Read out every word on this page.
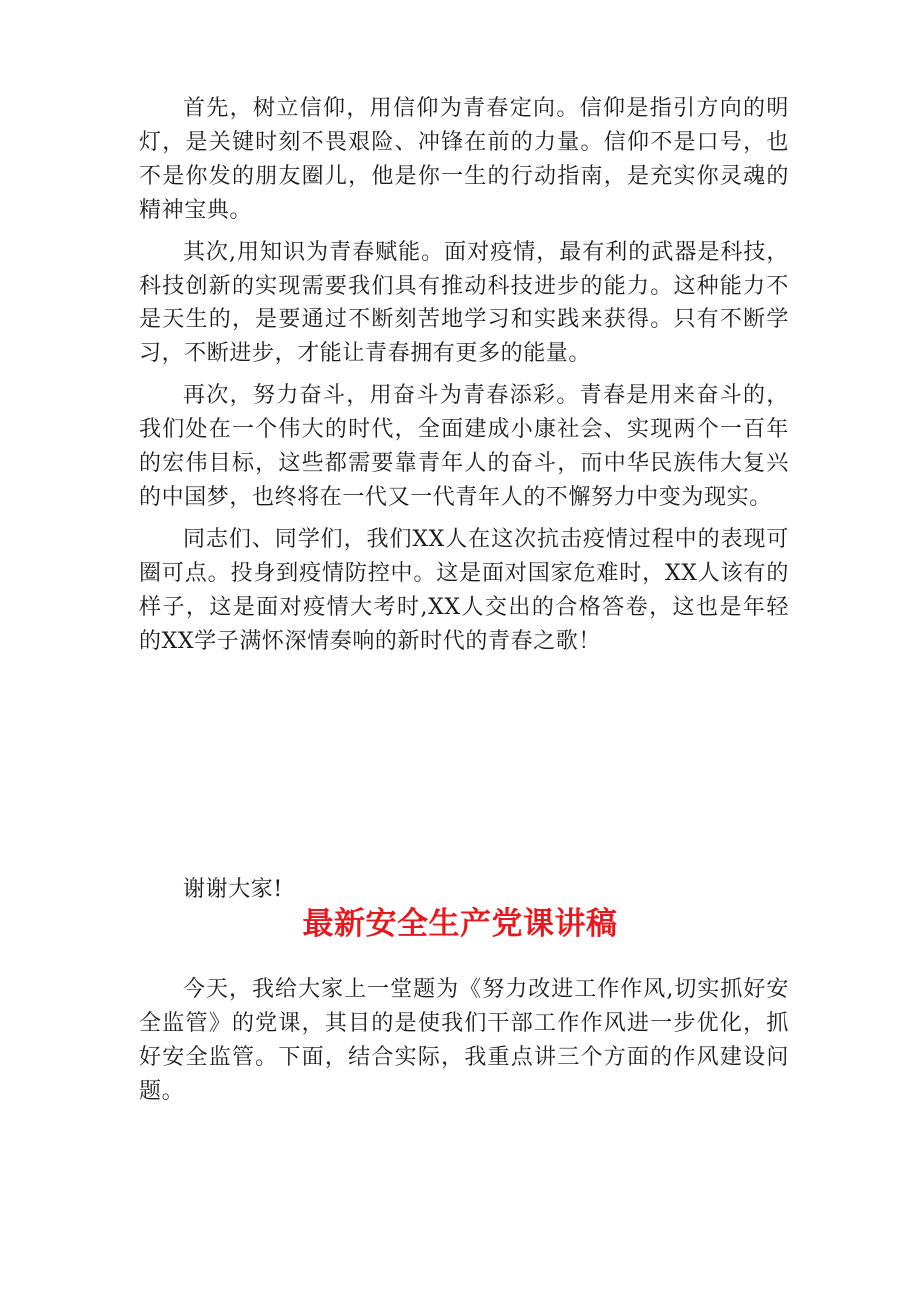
首先，树立信仰，用信仰为青春定向。信仰是指引方向的明灯，是关键时刻不畏艰险、冲锋在前的力量。信仰不是口号，也不是你发的朋友圈儿，他是你一生的行动指南，是充实你灵魂的精神宝典。

其次,用知识为青春赋能。面对疫情，最有利的武器是科技，科技创新的实现需要我们具有推动科技进步的能力。这种能力不是天生的，是要通过不断刻苦地学习和实践来获得。只有不断学习，不断进步，才能让青春拥有更多的能量。

再次，努力奋斗，用奋斗为青春添彩。青春是用来奋斗的，我们处在一个伟大的时代，全面建成小康社会、实现两个一百年的宏伟目标，这些都需要靠青年人的奋斗，而中华民族伟大复兴的中国梦，也终将在一代又一代青年人的不懈努力中变为现实。

同志们、同学们，我们XX人在这次抗击疫情过程中的表现可圈可点。投身到疫情防控中。这是面对国家危难时，XX人该有的样子，这是面对疫情大考时,XX人交出的合格答卷，这也是年轻的XX学子满怀深情奏响的新时代的青春之歌！

谢谢大家!

最新安全生产党课讲稿

今天，我给大家上一堂题为《努力改进工作作风,切实抓好安全监管》的党课，其目的是使我们干部工作作风进一步优化，抓好安全监管。下面，结合实际，我重点讲三个方面的作风建设问题。
